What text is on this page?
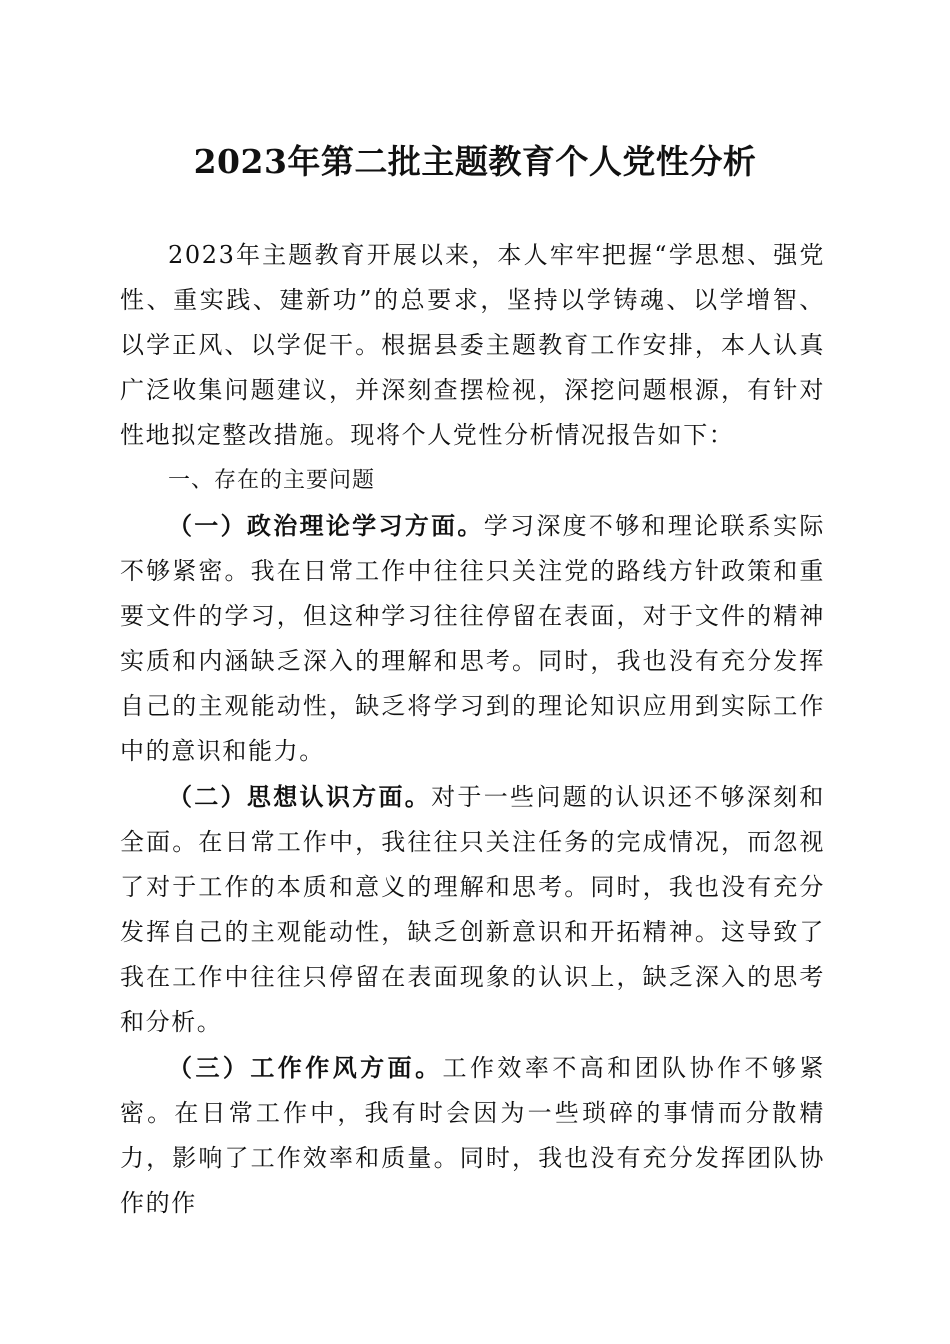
2023年第二批主题教育个人党性分析

2023年主题教育开展以来，本人牢牢把握“学思想、强党性、重实践、建新功”的总要求，坚持以学铸魂、以学增智、以学正风、以学促干。根据县委主题教育工作安排，本人认真广泛收集问题建议，并深刻查摆检视，深挖问题根源，有针对性地拟定整改措施。现将个人党性分析情况报告如下：

一、存在的主要问题

（一）政治理论学习方面。学习深度不够和理论联系实际不够紧密。我在日常工作中往往只关注党的路线方针政策和重要文件的学习，但这种学习往往停留在表面，对于文件的精神实质和内涵缺乏深入的理解和思考。同时，我也没有充分发挥自己的主观能动性，缺乏将学习到的理论知识应用到实际工作中的意识和能力。

（二）思想认识方面。对于一些问题的认识还不够深刻和全面。在日常工作中，我往往只关注任务的完成情况，而忽视了对于工作的本质和意义的理解和思考。同时，我也没有充分发挥自己的主观能动性，缺乏创新意识和开拓精神。这导致了我在工作中往往只停留在表面现象的认识上，缺乏深入的思考和分析。

（三）工作作风方面。工作效率不高和团队协作不够紧密。在日常工作中，我有时会因为一些琐碎的事情而分散精力，影响了工作效率和质量。同时，我也没有充分发挥团队协作的作
